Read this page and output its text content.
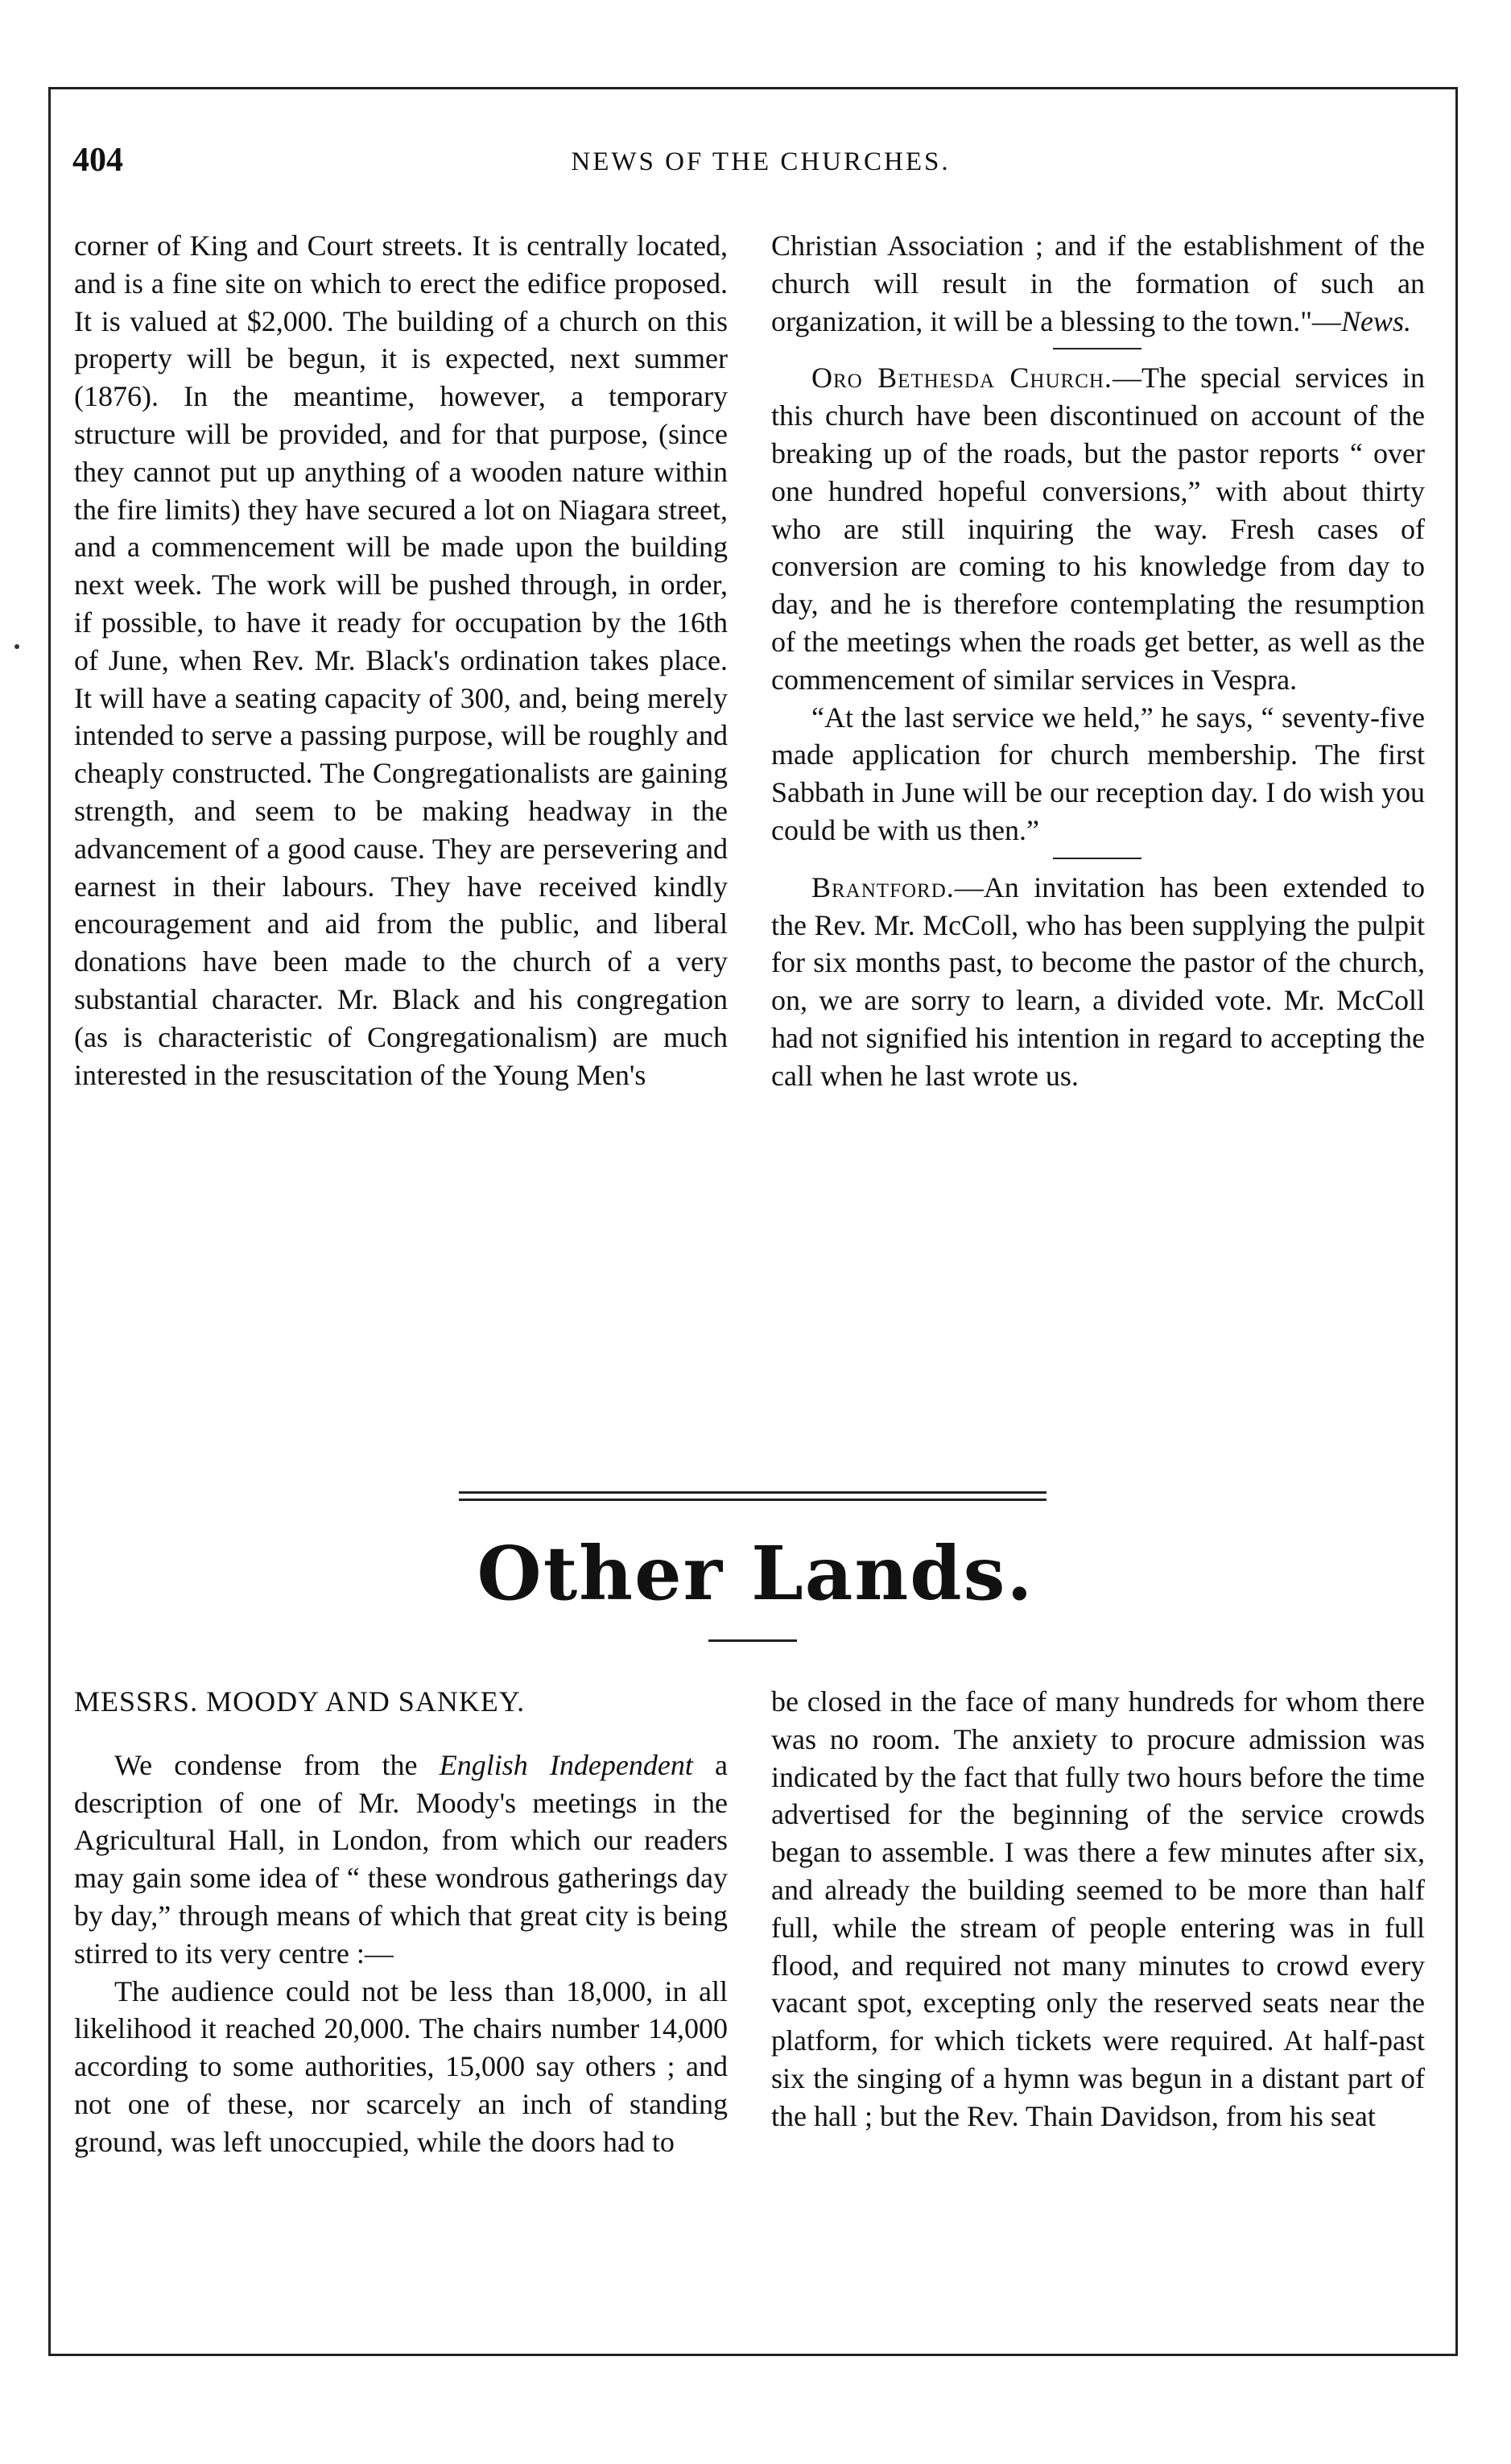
404	NEWS OF THE CHURCHES.

corner of King and Court streets. It is centrally located, and is a fine site on which to erect the edifice proposed. It is valued at $2,000. The building of a church on this property will be begun, it is expected, next summer (1876). In the meantime, however, a temporary structure will be provided, and for that purpose, (since they cannot put up anything of a wooden nature within the fire limits) they have secured a lot on Niagara street, and a commencement will be made upon the building next week. The work will be pushed through, in order, if possible, to have it ready for occupation by the 16th of June, when Rev. Mr. Black's ordination takes place. It will have a seating capacity of 300, and, being merely intended to serve a passing purpose, will be roughly and cheaply constructed. The Congregationalists are gaining strength, and seem to be making headway in the advancement of a good cause. They are persevering and earnest in their labours. They have received kindly encouragement and aid from the public, and liberal donations have been made to the church of a very substantial character. Mr. Black and his congregation (as is characteristic of Congregationalism) are much interested in the resuscitation of the Young Men's

Christian Association ; and if the establishment of the church will result in the formation of such an organization, it will be a blessing to the town."—News.

Oro Bethesda Church.—The special services in this church have been discontinued on account of the breaking up of the roads, but the pastor reports “ over one hundred hopeful conversions,” with about thirty who are still inquiring the way. Fresh cases of conversion are coming to his knowledge from day to day, and he is therefore contemplating the resumption of the meetings when the roads get better, as well as the commencement of similar services in Vespra.

“At the last service we held,” he says, “ seventy-five made application for church membership. The first Sabbath in June will be our reception day. I do wish you could be with us then.”

Brantford.—An invitation has been extended to the Rev. Mr. McColl, who has been supplying the pulpit for six months past, to become the pastor of the church, on, we are sorry to learn, a divided vote. Mr. McColl had not signified his intention in regard to accepting the call when he last wrote us.

Other Lands.

MESSRS. MOODY AND SANKEY.

We condense from the English Independent a description of one of Mr. Moody's meetings in the Agricultural Hall, in London, from which our readers may gain some idea of “ these wondrous gatherings day by day,” through means of which that great city is being stirred to its very centre :—

The audience could not be less than 18,000, in all likelihood it reached 20,000. The chairs number 14,000 according to some authorities, 15,000 say others ; and not one of these, nor scarcely an inch of standing ground, was left unoccupied, while the doors had to

be closed in the face of many hundreds for whom there was no room. The anxiety to procure admission was indicated by the fact that fully two hours before the time advertised for the beginning of the service crowds began to assemble. I was there a few minutes after six, and already the building seemed to be more than half full, while the stream of people entering was in full flood, and required not many minutes to crowd every vacant spot, excepting only the reserved seats near the platform, for which tickets were required. At half-past six the singing of a hymn was begun in a distant part of the hall ; but the Rev. Thain Davidson, from his seat
